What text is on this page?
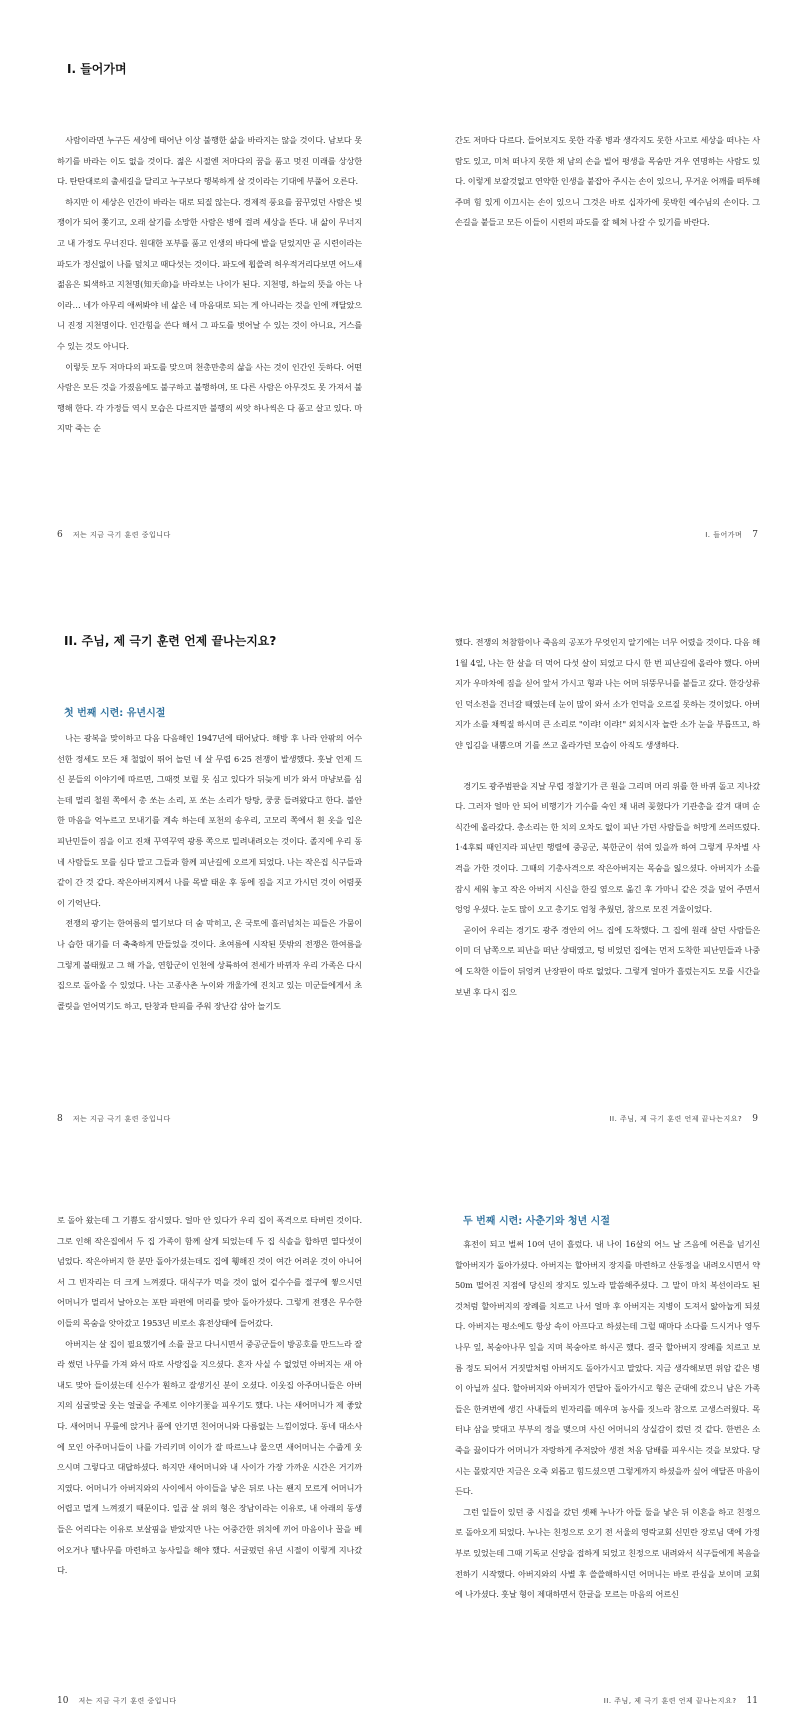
I. 들어가며

사람이라면 누구든 세상에 태어난 이상 불행한 삶을 바라지는 않을 것이다. 남보다 못하기를 바라는 이도 없을 것이다. 젊은 시절엔 저마다의 꿈을 품고 멋진 미래를 상상한다. 탄탄대로의 출세길을 달리고 누구보다 행복하게 살 것이라는 기대에 부풀어 오른다.

하지만 이 세상은 인간이 바라는 대로 되질 않는다. 경제적 풍요를 꿈꾸었던 사람은 빚쟁이가 되어 쫓기고, 오래 살기를 소망한 사람은 병에 걸려 세상을 뜬다. 내 삶이 무너지고 내 가정도 무너진다. 원대한 포부를 품고 인생의 바다에 발을 딛었지만 곧 시련이라는 파도가 정신없이 나를 덮치고 때다섯는 것이다. 파도에 휩쓸려 허우적거리다보면 어느새 젊음은 퇴색하고 지천명(知天命)을 바라보는 나이가 된다. 지천명, 하늘의 뜻을 아는 나이라… 네가 아무리 애써봐야 네 삶은 네 마음대로 되는 게 아니라는 것을 인에 깨달았으니 진정 지천명이다. 인간힘을 쓴다 해서 그 파도를 벗어날 수 있는 것이 아니요, 거스를 수 있는 것도 아니다.

이렇듯 모두 저마다의 파도를 맞으며 천총만총의 삶을 사는 것이 인간인 듯하다. 어떤 사람은 모든 것을 가졌음에도 불구하고 불행하며, 또 다른 사람은 아무것도 못 가져서 불행해 한다. 각 가정들 역시 모습은 다르지만 불행의 씨앗 하나씩은 다 품고 살고 있다. 마지막 죽는 순

6 저는 지금 극기 훈련 중입니다

간도 저마다 다르다. 들어보지도 못한 각종 병과 생각지도 못한 사고로 세상을 떠나는 사람도 있고, 미처 떠나지 못한 채 남의 손을 빌어 평생을 목숨만 겨우 연명하는 사람도 있다. 이렇게 보잘것없고 연약한 인생을 붙잡아 주시는 손이 있으니, 무거운 어깨를 떠투해주며 힘 있게 이끄시는 손이 있으니 그것은 바로 십자가에 못박힌 예수님의 손이다. 그 손길을 붙들고 모든 이들이 시련의 파도를 잘 헤쳐 나갈 수 있기를 바란다.

I. 들어가며 7
II. 주님, 제 극기 훈련 언제 끝나는지요?
첫 번째 시련: 유년시절

나는 광복을 맞이하고 다음 다음해인 1947년에 태어났다. 해방 후 나라 안팎의 어수선한 정세도 모든 채 철없이 뛰어 놀던 네 살 무렵 6·25 전쟁이 발생했다. 훗날 언제 드신 분들의 이야기에 따르면, 그때껏 보릴 못 심고 있다가 뒤늦게 비가 와서 마냥보를 심는데 멀리 철원 쪽에서 총 쏘는 소리, 포 쏘는 소리가 탕탕, 쿵쿵 들려왔다고 한다. 불안한 마음을 억누르고 모내기를 계속 하는데 포천의 송우리, 고모리 쪽에서 흰 옷을 입은 피난민들이 짐을 이고 진채 꾸역꾸역 광릉 쪽으로 밀려내려오는 것이다. 졸지에 우리 동네 사람들도 모를 심다 말고 그들과 함께 피난길에 오르게 되었다. 나는 작은집 식구들과 같이 간 것 같다. 작은아버지께서 나를 목발 태운 후 동에 짐을 지고 가시던 것이 어렴풋이 기억난다.

전쟁의 광기는 한여름의 열기보다 더 숨 막히고, 온 국토에 흘러넘치는 피들은 가뭄이나 습한 대기를 더 축축하게 만들었을 것이다. 초여름에 시작된 뜻밖의 전쟁은 한여름을 그렇게 불태웠고 그 해 가을, 연합군이 인천에 상륙하여 전세가 바뀌자 우리 가족은 다시 집으로 돌아올 수 있었다. 나는 고종사촌 누이와 개울가에 진치고 있는 미군들에게서 초콜릿을 얻어먹기도 하고, 탄창과 탄피를 주워 장난감 삼아 놀기도

8 저는 지금 극기 훈련 중입니다

했다. 전쟁의 처참함이나 죽음의 공포가 무엇인지 알기에는 너무 어렸을 것이다. 다음 해 1월 4일, 나는 한 살을 더 먹어 다섯 살이 되었고 다시 한 번 피난길에 올라야 했다. 아버지가 우마차에 짐을 싣어 앞서 가시고 형과 나는 어머 뒤뚱무니를 붙들고 갔다. 한강상류인 덕소전을 건너갈 때였는데 눈이 많이 와서 소가 언덕을 오르질 못하는 것이었다. 아버지가 소를 채찍질 하시며 큰 소리로 "이랴! 이랴!" 외치시자 놀란 소가 눈을 부릅뜨고, 하얀 입김을 내뿜으며 기를 쓰고 올라가던 모습이 아직도 생생하다.

경기도 광주범판을 지날 무렵 정찰기가 큰 원을 그리며 머리 위를 한 바퀴 돌고 지나갔다. 그러자 얼마 안 되어 비행기가 기수를 숙인 채 내려 꽂혔다가 기관총을 갈겨 대며 순식간에 올라갔다. 총소리는 한 치의 오차도 없이 피난 가던 사람들을 허망게 쓰러뜨렸다. 1·4후퇴 때인지라 피난민 행렬에 중공군, 북한군이 섞여 있을까 하여 그렇게 무차별 사격을 가한 것이다. 그때의 기총사격으로 작은아버지는 목숨을 잃으셨다. 아버지가 소를 잠시 세워 놓고 작은 아버지 시신을 한길 옆으로 옮긴 후 가마니 같은 것을 덮어 주면서 엉엉 우셨다. 눈도 많이 오고 총기도 엄청 추웠던, 참으로 모진 겨울이었다.

곧이어 우리는 경기도 광주 경안의 어느 집에 도착했다. 그 집에 원래 살던 사람들은 이미 더 남쪽으로 피난을 떠난 상태였고, 텅 비었던 집에는 먼저 도착한 피난민들과 나중에 도착한 이들이 뒤엉켜 난장판이 따로 없었다. 그렇게 얼마가 흘렀는지도 모를 시간을 보낸 후 다시 집으

II. 주님, 제 극기 훈련 언제 끝나는지요? 9

로 돌아 왔는데 그 기쁨도 잠시였다. 얼마 안 있다가 우리 집이 폭격으로 타버린 것이다. 그로 인해 작은집에서 두 집 가족이 함께 살게 되었는데 두 집 식솔을 합하면 열다섯이 넘었다. 작은아버지 한 분만 돌아가셨는데도 집에 휑해진 것이 여간 어려운 것이 아니어서 그 빈자리는 더 크게 느껴졌다. 대식구가 먹을 것이 없어 겉수수를 절구에 찧으시던 어머니가 멀리서 날아오는 포탄 파편에 머리를 맞아 돌아가셨다. 그렇게 전쟁은 무수한 이들의 목숨을 앗아갔고 1953년 비로소 휴전상태에 들어갔다.

아버지는 살 집이 필요했기에 소를 끌고 다니시면서 중공군들이 방공호를 만드느라 잘라 썼던 나무를 가져 와서 따로 사랑집을 지으셨다. 혼자 사실 수 없었던 아버지는 새 아내도 맞아 들이셨는데 신수가 훤하고 잘생기신 분이 오셨다. 이웃집 아주머니들은 아버지의 심굴맞굴 웃는 얼굴을 주제로 이야기꽃을 피우기도 했다. 나는 새어머니가 제 좋았다. 새어머니 무릎에 앉거나 품에 안기면 친어머니와 다름없는 느낌이었다. 동네 대소사에 모인 아주머니들이 나를 가리키며 이이가 잘 따르느냐 물으면 새어머니는 수줍게 웃으시며 그렇다고 대답하셨다. 하지만 새어머니와 내 사이가 가장 가까운 시간은 거기까지였다. 어머니가 아버지와의 사이에서 아이들을 낳은 뒤로 나는 왠지 모르게 어머니가 어렵고 멀게 느껴졌기 때문이다. 일곱 살 위의 형은 장남이라는 이유로, 내 아래의 동생들은 어리다는 이유로 보살핌을 받았지만 나는 어중간한 위치에 끼어 마음이나 꿀을 베어오거나 땔나무를 마련하고 농사일을 해야 했다. 서글펐던 유년 시절이 이렇게 지나갔다.

10 저는 지금 극기 훈련 중입니다
두 번째 시련: 사춘기와 청년 시절

휴전이 되고 벌써 10여 년이 흘렀다. 내 나이 16살의 어느 날 즈음에 어른을 넘기신 할아버지가 돌아가셨다. 아버지는 할아버지 장지를 마련하고 산동정을 내려오시면서 약 50m 떨어진 지점에 당신의 장지도 있노라 말씀해주셨다. 그 말이 마치 복선이라도 된 것처럼 할아버지의 장례를 치르고 나서 얼마 후 아버지는 지병이 도져서 앓아눕게 되셨다. 아버지는 평소에도 항상 속이 아프다고 하셨는데 그럴 때마다 소다를 드시거나 영두나무 잎, 복숭아나무 잎을 지며 복숭아로 하시곤 했다. 결국 할아버지 장례를 치르고 보름 정도 되어서 거짓말처럼 아버지도 돌아가시고 말았다. 지금 생각해보면 위암 같은 병이 아닐까 싶다. 할아버지와 아버지가 연달아 돌아가시고 형은 군대에 갔으니 남은 가족들은 한켜번에 생긴 사내들의 빈자리를 메우며 농사를 짓느라 참으로 고생스러웠다. 목터냐 삼을 맞대고 부부의 정을 맺으며 사신 어머니의 상실감이 컸던 것 같다. 한번은 소죽을 끓이다가 어머니가 자랑하게 주저앉아 생전 처음 담배를 피우시는 것을 보았다. 당시는 몰랐지만 지금은 오죽 외롭고 힘드셨으면 그렇게까지 하셨을까 싶어 애달픈 마음이 든다.

그런 일들이 있던 중 시집을 갔던 셋째 누나가 아들 둘을 낳은 뒤 이혼을 하고 친정으로 돌아오게 되었다. 누나는 친정으로 오기 전 서울의 영락교회 신민란 장로님 댁에 가정부로 있었는데 그때 기독교 신앙을 접하게 되었고 친정으로 내려와서 식구들에게 복음을 전하기 시작했다. 아버지와의 사별 후 쓸쓸해하시던 어머니는 바로 관심을 보이며 교회에 나가셨다. 훗날 형이 제대하면서 한글을 모르는 마음의 어르신

II. 주님, 제 극기 훈련 언제 끝나는지요? 11
